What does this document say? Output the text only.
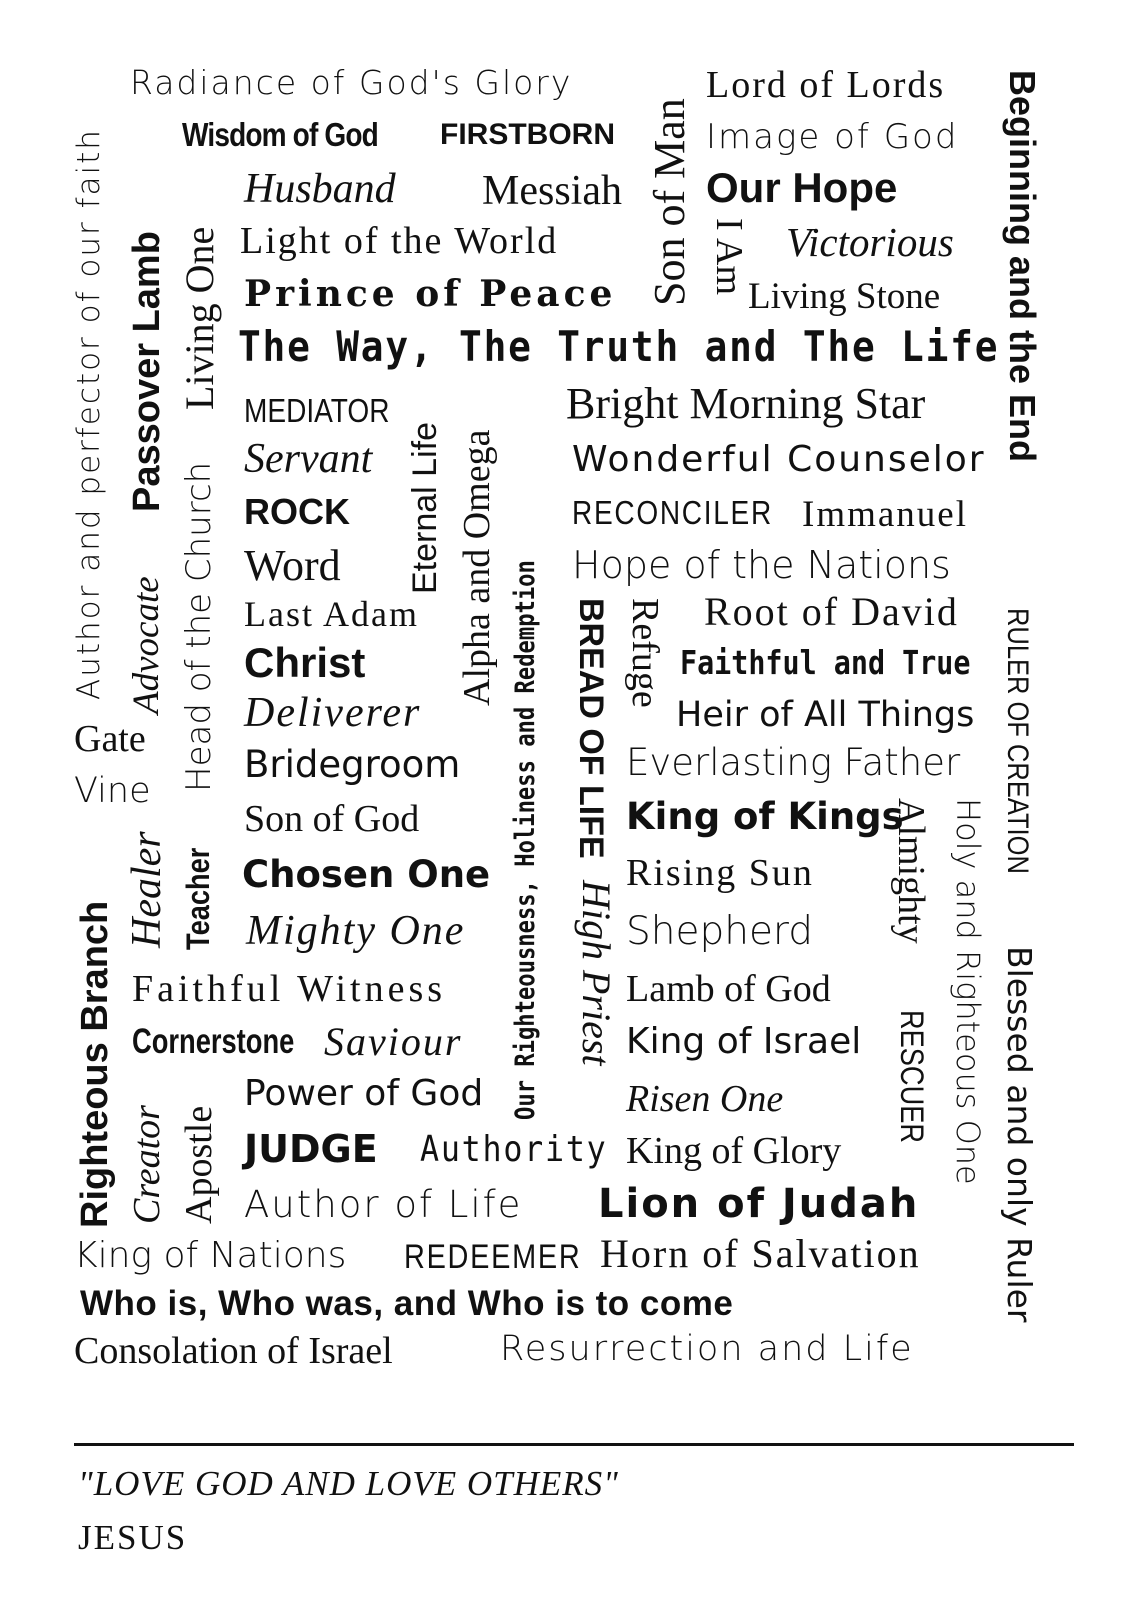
Radiance of God's Glory
Wisdom of God FIRSTBORN
Husband Messiah
Light of the World
Prince of Peace
The Way, The Truth and The Life
Lord of Lords
Image of God
Our Hope
Victorious
Living Stone
Son of Man I Am	Beginning and the End
Author and perfector of our faith Passover Lamb Living One
Advocate Head of the Church
MEDIATOR
Servant
ROCK
Word
Last Adam
Eternal Life Alpha and Omega Our Righteousness, Holiness and Redemption
Bright Morning Star
Wonderful Counselor
RECONCILER Immanuel
Hope of the Nations
BREAD OF LIFE Refuge Root of David
Faithful and True
Heir of All Things
Everlasting Father RULER OF CREATION
Christ
Deliverer
Bridegroom
Son of God
Chosen One
Mighty One
Gate
Vine
Righteous Branch
Healer Teacher	High Priest
King of Kings
Rising Sun
Shepherd Almighty Holy and Righteous One Blessed and only Ruler
Faithful Witness
Cornerstone Saviour
Lamb of God
King of Israel RESCUER
Creator Apostle
Power of God
JUDGE Authority
Risen One
King of Glory
Author of Life Lion of Judah
King of Nations REDEEMER Horn of Salvation
Who is, Who was, and Who is to come
Consolation of Israel	Resurrection and Life
"LOVE GOD AND LOVE OTHERS"
JESUS
